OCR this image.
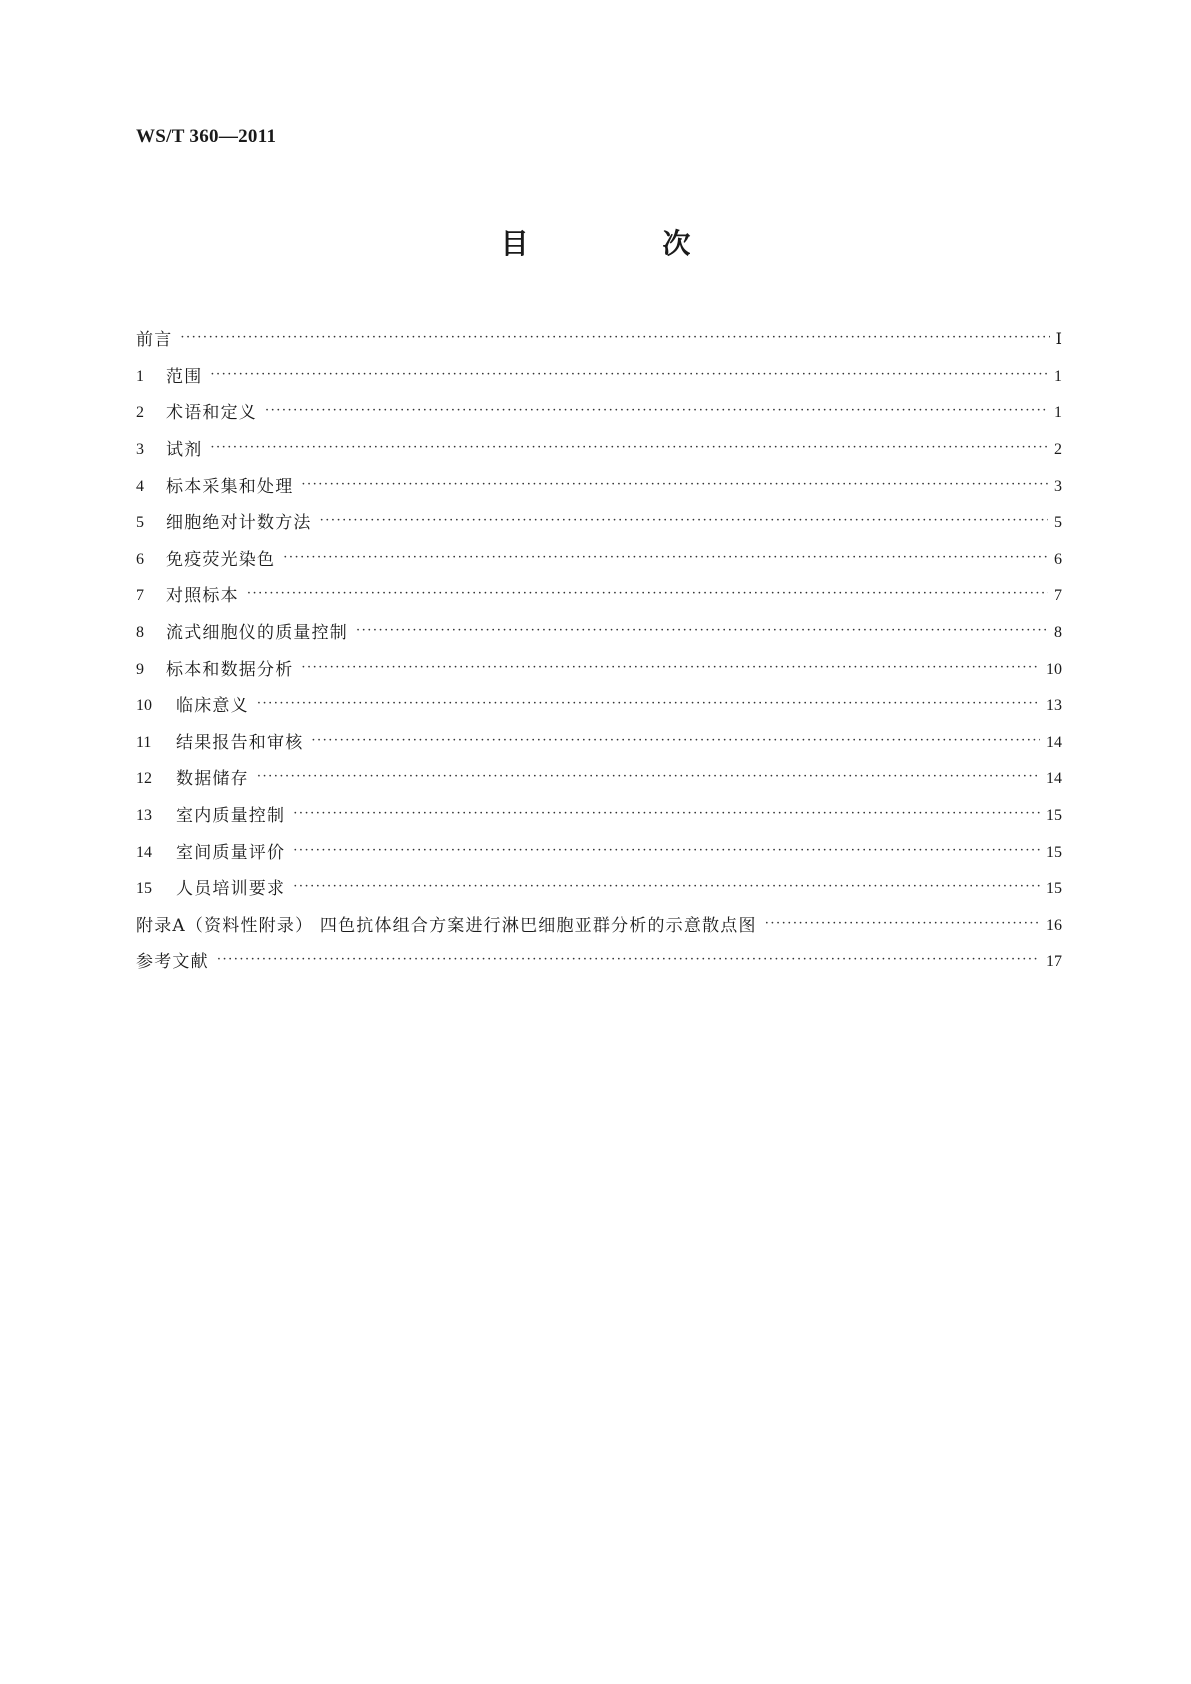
WS/T 360—2011
目 次
前言 ·····	Ⅰ
1	范围 ·····	1
2	术语和定义 ·····	1
3	试剂 ·····	2
4	标本采集和处理 ·····	3
5	细胞绝对计数方法 ·····	5
6	免疫荧光染色 ·····	6
7	对照标本 ·····	7
8	流式细胞仪的质量控制 ·····	8
9	标本和数据分析 ·····	10
10	临床意义 ·····	13
11	结果报告和审核 ·····	14
12	数据储存 ·····	14
13	室内质量控制 ·····	15
14	室间质量评价 ·····	15
15	人员培训要求 ·····	15
附录A（资料性附录） 四色抗体组合方案进行淋巴细胞亚群分析的示意散点图 ·····	16
参考文献 ·····	17
